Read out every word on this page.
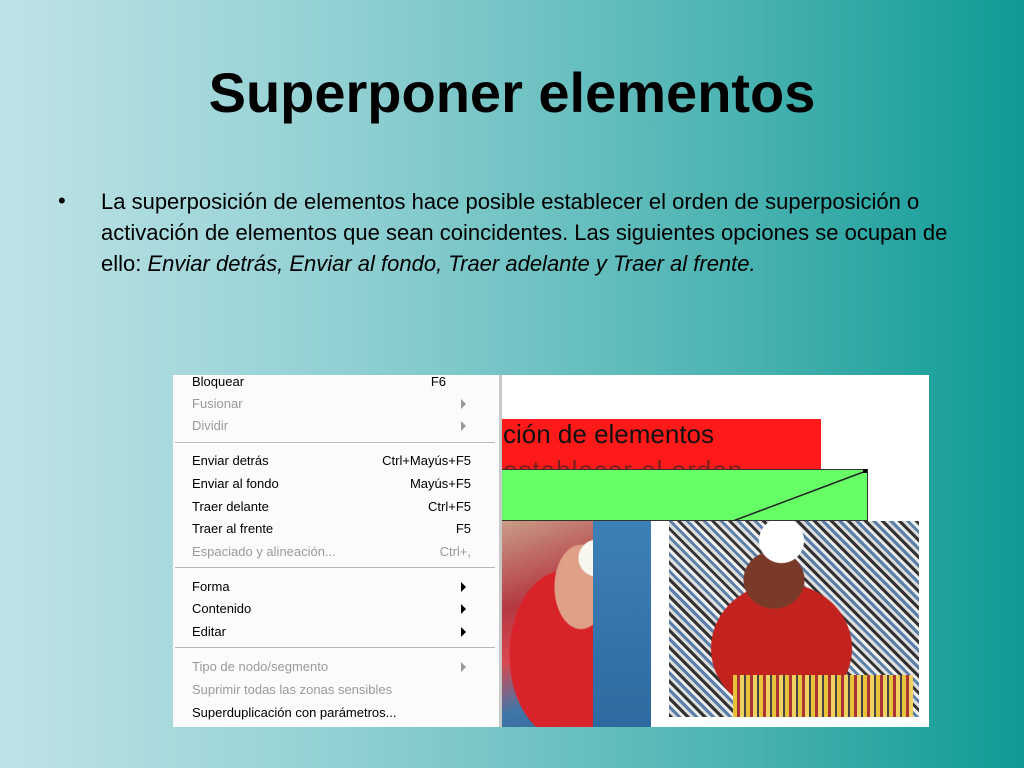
Superponer elementos
• La superposición de elementos hace posible establecer el orden de superposición o activación de elementos que sean coincidentes. Las siguientes opciones se ocupan de ello: Enviar detrás, Enviar al fondo, Traer adelante y Traer al frente.
ción de elementos
Bloquear	F6
Fusionar
Dividir
Enviar detrás	Ctrl+Mayús+F5
Enviar al fondo	Mayús+F5
Traer delante	Ctrl+F5
Traer al frente	F5
Espaciado y alineación...	Ctrl+,
Forma
Contenido
Editar
Tipo de nodo/segmento
Suprimir todas las zonas sensibles
Superduplicación con parámetros...
